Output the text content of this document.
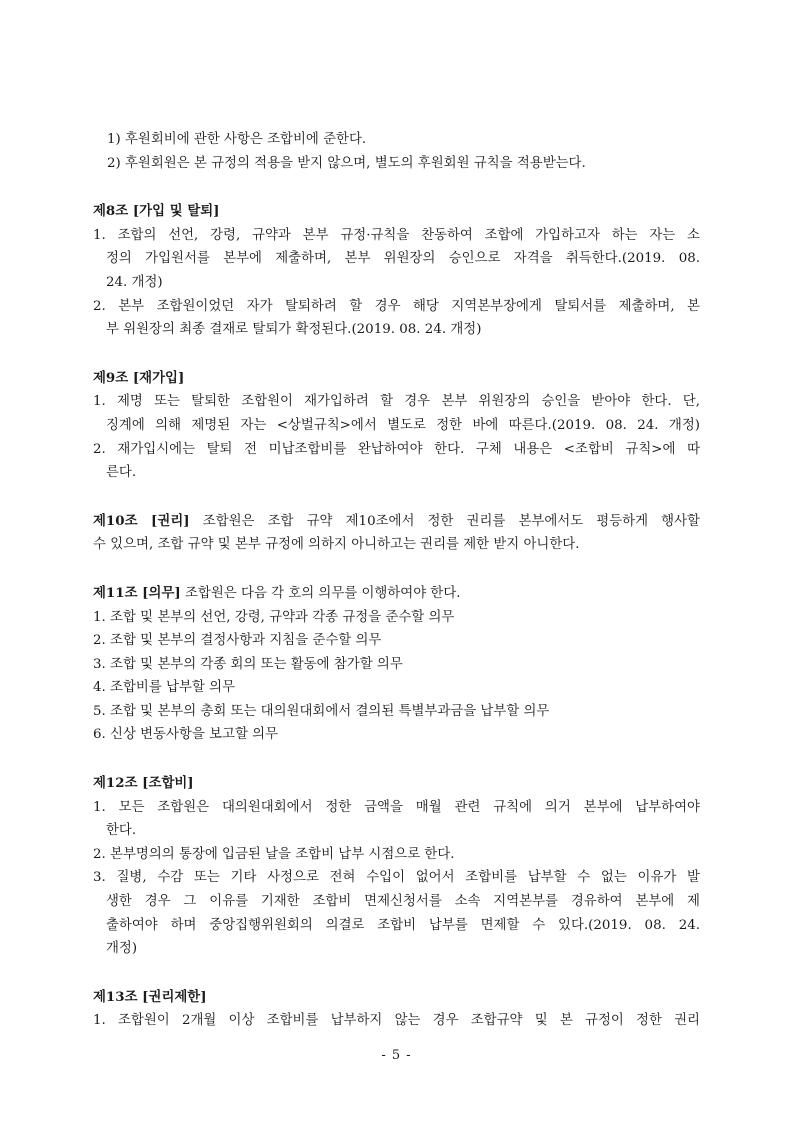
1) 후원회비에 관한 사항은 조합비에 준한다.
2) 후원회원은 본 규정의 적용을 받지 않으며, 별도의 후원회원 규칙을 적용받는다.
제8조 [가입 및 탈퇴]
1. 조합의 선언, 강령, 규약과 본부 규정·규칙을 찬동하여 조합에 가입하고자 하는 자는 소
정의 가입원서를 본부에 제출하며, 본부 위원장의 승인으로 자격을 취득한다.(2019. 08.
24. 개정)
2. 본부 조합원이었던 자가 탈퇴하려 할 경우 해당 지역본부장에게 탈퇴서를 제출하며, 본
부 위원장의 최종 결재로 탈퇴가 확정된다.(2019. 08. 24. 개정)
제9조 [재가입]
1. 제명 또는 탈퇴한 조합원이 재가입하려 할 경우 본부 위원장의 승인을 받아야 한다. 단,
징계에 의해 제명된 자는 <상벌규칙>에서 별도로 정한 바에 따른다.(2019. 08. 24. 개정)
2. 재가입시에는 탈퇴 전 미납조합비를 완납하여야 한다. 구체 내용은 <조합비 규칙>에 따
른다.
제10조 [권리] 조합원은 조합 규약 제10조에서 정한 권리를 본부에서도 평등하게 행사할
수 있으며, 조합 규약 및 본부 규정에 의하지 아니하고는 권리를 제한 받지 아니한다.
제11조 [의무] 조합원은 다음 각 호의 의무를 이행하여야 한다.
1. 조합 및 본부의 선언, 강령, 규약과 각종 규정을 준수할 의무
2. 조합 및 본부의 결정사항과 지침을 준수할 의무
3. 조합 및 본부의 각종 회의 또는 활동에 참가할 의무
4. 조합비를 납부할 의무
5. 조합 및 본부의 총회 또는 대의원대회에서 결의된 특별부과금을 납부할 의무
6. 신상 변동사항을 보고할 의무
제12조 [조합비]
1. 모든 조합원은 대의원대회에서 정한 금액을 매월 관련 규칙에 의거 본부에 납부하여야
한다.
2. 본부명의의 통장에 입금된 날을 조합비 납부 시점으로 한다.
3. 질병, 수감 또는 기타 사정으로 전혀 수입이 없어서 조합비를 납부할 수 없는 이유가 발
생한 경우 그 이유를 기재한 조합비 면제신청서를 소속 지역본부를 경유하여 본부에 제
출하여야 하며 중앙집행위원회의 의결로 조합비 납부를 면제할 수 있다.(2019. 08. 24.
개정)
제13조 [권리제한]
1. 조합원이 2개월 이상 조합비를 납부하지 않는 경우 조합규약 및 본 규정이 정한 권리
- 5 -
